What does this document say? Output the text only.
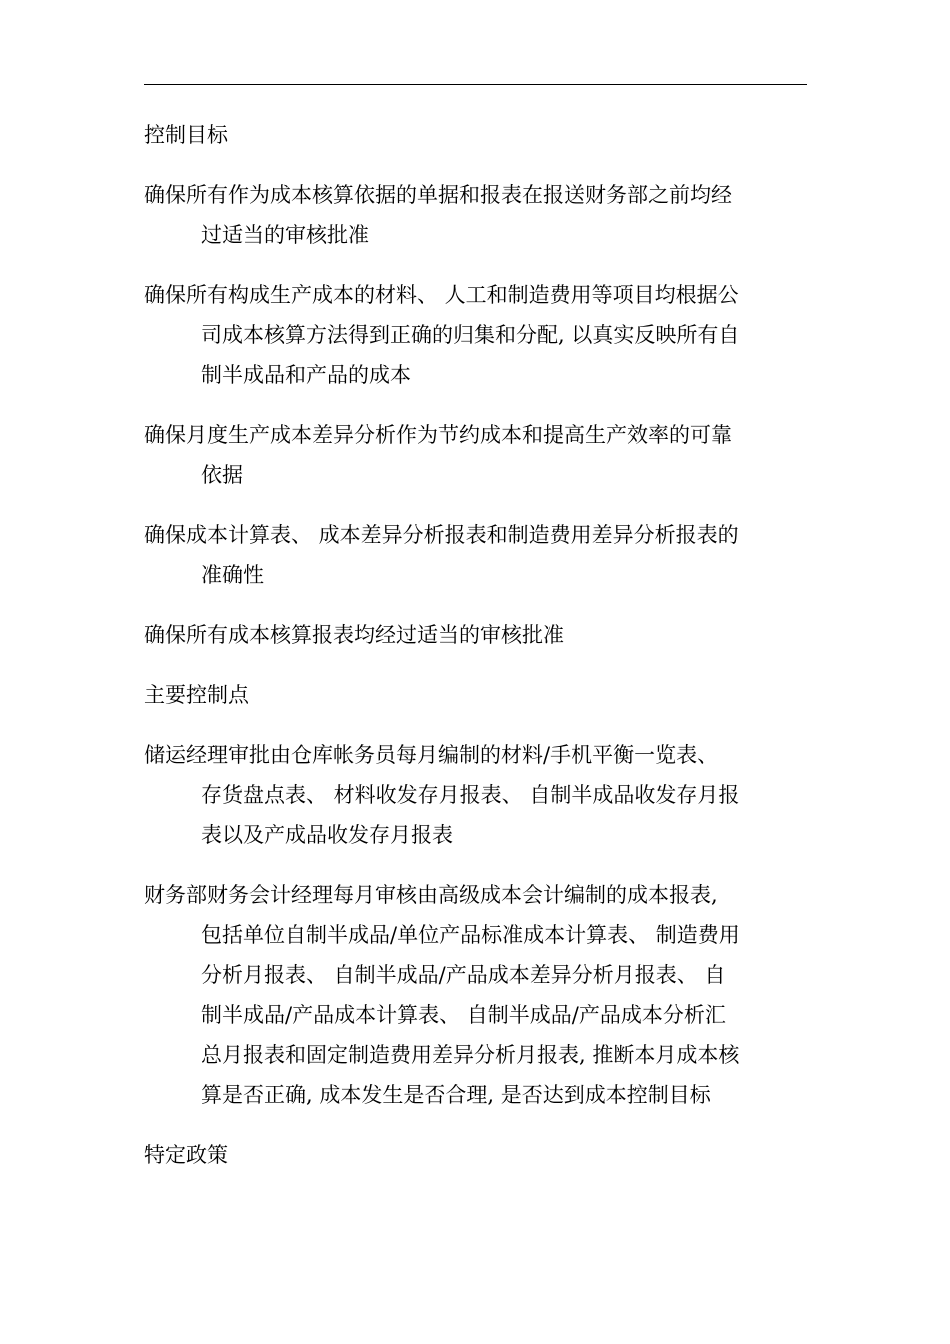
控制目标

确保所有作为成本核算依据的单据和报表在报送财务部之前均经
过适当的审核批准
确保所有构成生产成本的材料、 人工和制造费用等项目均根据公
司成本核算方法得到正确的归集和分配, 以真实反映所有自
制半成品和产品的成本
确保月度生产成本差异分析作为节约成本和提高生产效率的可靠
依据
确保成本计算表、 成本差异分析报表和制造费用差异分析报表的
准确性
确保所有成本核算报表均经过适当的审核批准

主要控制点

储运经理审批由仓库帐务员每月编制的材料/手机平衡一览表、
存货盘点表、 材料收发存月报表、 自制半成品收发存月报
表以及产成品收发存月报表
财务部财务会计经理每月审核由高级成本会计编制的成本报表,
包括单位自制半成品/单位产品标准成本计算表、 制造费用
分析月报表、 自制半成品/产品成本差异分析月报表、 自
制半成品/产品成本计算表、 自制半成品/产品成本分析汇
总月报表和固定制造费用差异分析月报表, 推断本月成本核
算是否正确, 成本发生是否合理, 是否达到成本控制目标

特定政策
